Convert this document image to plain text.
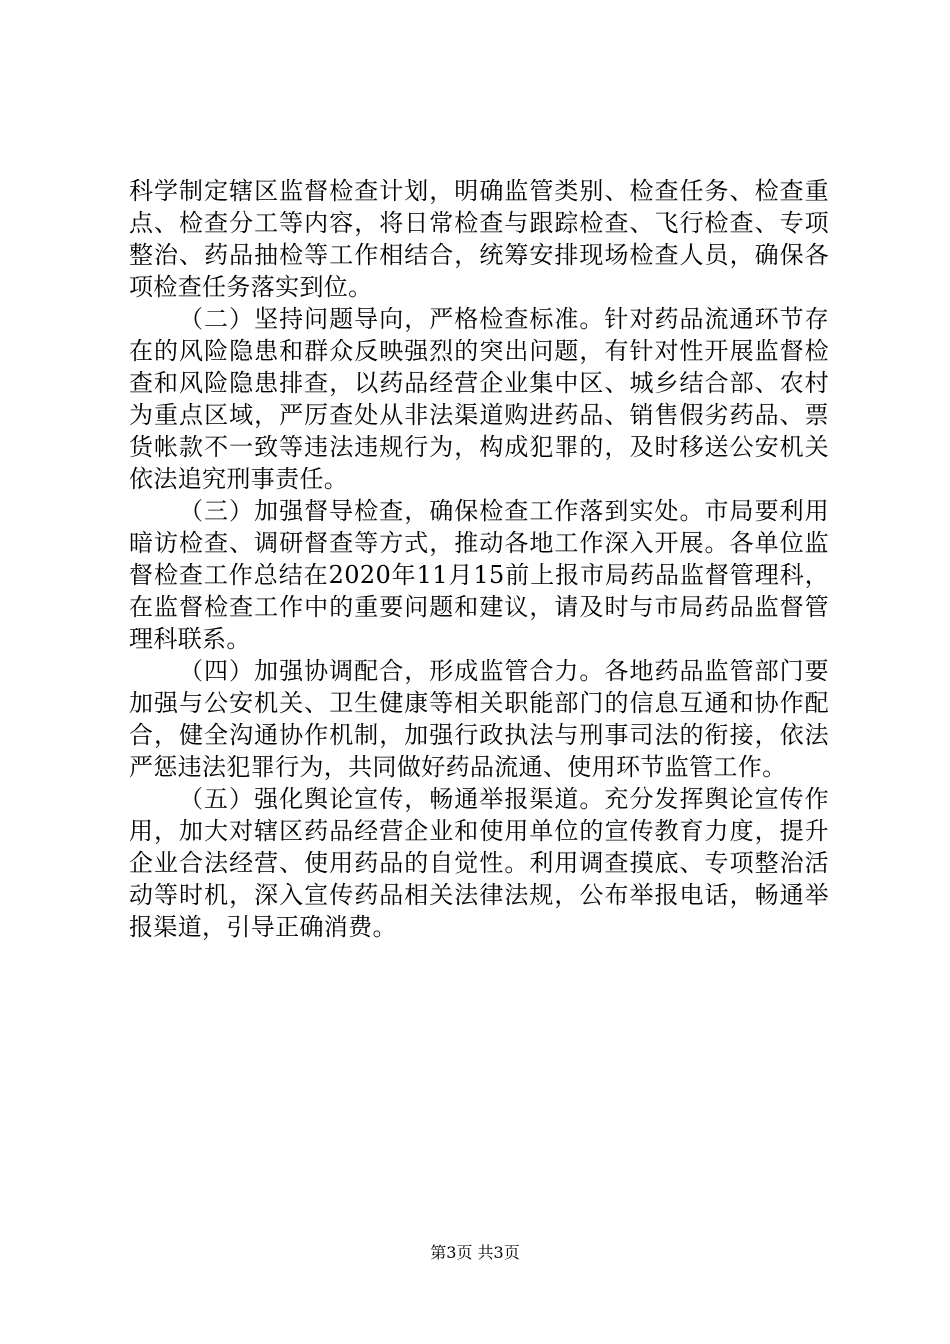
科学制定辖区监督检查计划，明确监管类别、检查任务、检查重点、检查分工等内容，将日常检查与跟踪检查、飞行检查、专项整治、药品抽检等工作相结合，统筹安排现场检查人员，确保各项检查任务落实到位。

（二）坚持问题导向，严格检查标准。针对药品流通环节存在的风险隐患和群众反映强烈的突出问题，有针对性开展监督检查和风险隐患排查，以药品经营企业集中区、城乡结合部、农村为重点区域，严厉查处从非法渠道购进药品、销售假劣药品、票货帐款不一致等违法违规行为，构成犯罪的，及时移送公安机关依法追究刑事责任。

（三）加强督导检查，确保检查工作落到实处。市局要利用暗访检查、调研督查等方式，推动各地工作深入开展。各单位监督检查工作总结在2020年11月15前上报市局药品监督管理科，在监督检查工作中的重要问题和建议，请及时与市局药品监督管理科联系。

（四）加强协调配合，形成监管合力。各地药品监管部门要加强与公安机关、卫生健康等相关职能部门的信息互通和协作配合，健全沟通协作机制，加强行政执法与刑事司法的衔接，依法严惩违法犯罪行为，共同做好药品流通、使用环节监管工作。

（五）强化舆论宣传，畅通举报渠道。充分发挥舆论宣传作用，加大对辖区药品经营企业和使用单位的宣传教育力度，提升企业合法经营、使用药品的自觉性。利用调查摸底、专项整治活动等时机，深入宣传药品相关法律法规，公布举报电话，畅通举报渠道，引导正确消费。

第3页 共3页
